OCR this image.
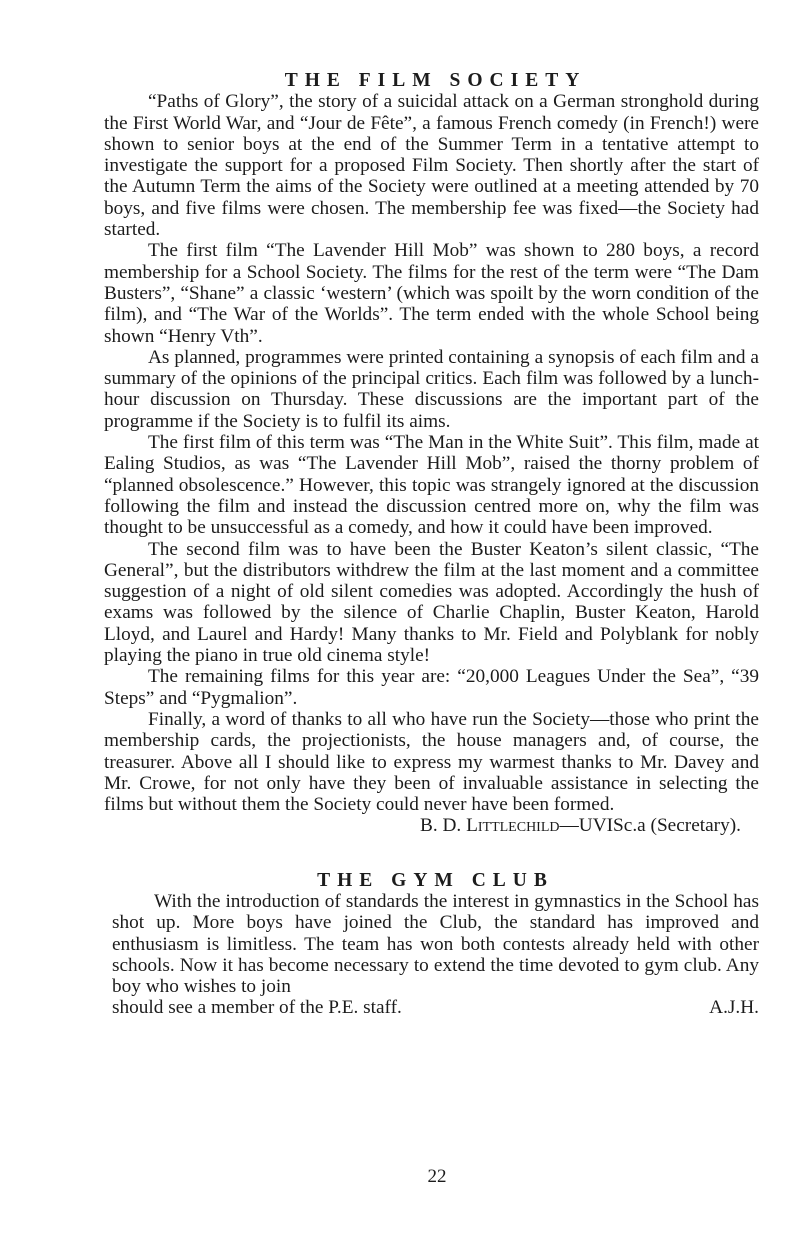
THE FILM SOCIETY

“Paths of Glory”, the story of a suicidal attack on a German stronghold during the First World War, and “Jour de Fête”, a famous French comedy (in French!) were shown to senior boys at the end of the Summer Term in a tentative attempt to investigate the support for a proposed Film Society. Then shortly after the start of the Autumn Term the aims of the Society were outlined at a meeting attended by 70 boys, and five films were chosen. The membership fee was fixed—the Society had started.

The first film “The Lavender Hill Mob” was shown to 280 boys, a record membership for a School Society. The films for the rest of the term were “The Dam Busters”, “Shane” a classic ‘western’ (which was spoilt by the worn condition of the film), and “The War of the Worlds”. The term ended with the whole School being shown “Henry Vth”.

As planned, programmes were printed containing a synopsis of each film and a summary of the opinions of the principal critics. Each film was followed by a lunch-hour discussion on Thursday. These discussions are the important part of the programme if the Society is to fulfil its aims.

The first film of this term was “The Man in the White Suit”. This film, made at Ealing Studios, as was “The Lavender Hill Mob”, raised the thorny problem of “planned obsolescence.” However, this topic was strangely ignored at the discussion following the film and instead the discussion centred more on, why the film was thought to be unsuccessful as a comedy, and how it could have been improved.

The second film was to have been the Buster Keaton’s silent classic, “The General”, but the distributors withdrew the film at the last moment and a committee suggestion of a night of old silent comedies was adopted. Accordingly the hush of exams was followed by the silence of Charlie Chaplin, Buster Keaton, Harold Lloyd, and Laurel and Hardy! Many thanks to Mr. Field and Polyblank for nobly playing the piano in true old cinema style!

The remaining films for this year are: “20,000 Leagues Under the Sea”, “39 Steps” and “Pygmalion”.

Finally, a word of thanks to all who have run the Society—those who print the membership cards, the projectionists, the house managers and, of course, the treasurer. Above all I should like to express my warmest thanks to Mr. Davey and Mr. Crowe, for not only have they been of invaluable assistance in selecting the films but without them the Society could never have been formed.

B. D. Littlechild—UVISc.a (Secretary).

THE GYM CLUB

With the introduction of standards the interest in gymnastics in the School has shot up. More boys have joined the Club, the standard has improved and enthusiasm is limitless. The team has won both contests already held with other schools. Now it has become necessary to extend the time devoted to gym club. Any boy who wishes to join

should see a member of the P.E. staff.	A.J.H.
22
